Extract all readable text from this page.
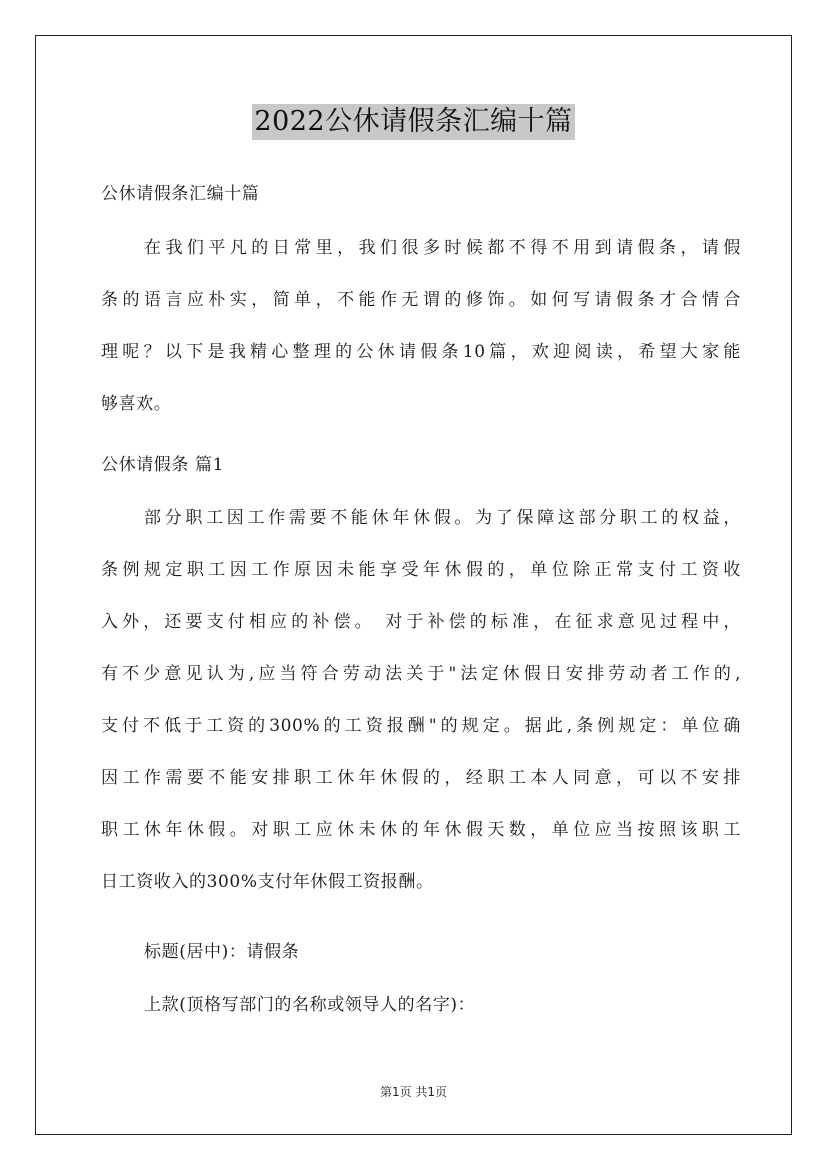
2022公休请假条汇编十篇
公休请假条汇编十篇
在我们平凡的日常里，我们很多时候都不得不用到请假条，请假
条的语言应朴实，简单，不能作无谓的修饰。如何写请假条才合情合
理呢？以下是我精心整理的公休请假条10篇，欢迎阅读，希望大家能
够喜欢。
公休请假条 篇1
部分职工因工作需要不能休年休假。为了保障这部分职工的权益，
条例规定职工因工作原因未能享受年休假的，单位除正常支付工资收
入外，还要支付相应的补偿。 对于补偿的标准，在征求意见过程中，
有不少意见认为,应当符合劳动法关于"法定休假日安排劳动者工作的,
支付不低于工资的300%的工资报酬"的规定。据此,条例规定：单位确
因工作需要不能安排职工休年休假的，经职工本人同意，可以不安排
职工休年休假。对职工应休未休的年休假天数，单位应当按照该职工
日工资收入的300%支付年休假工资报酬。
标题(居中)：请假条
上款(顶格写部门的名称或领导人的名字)：
第1页 共1页
